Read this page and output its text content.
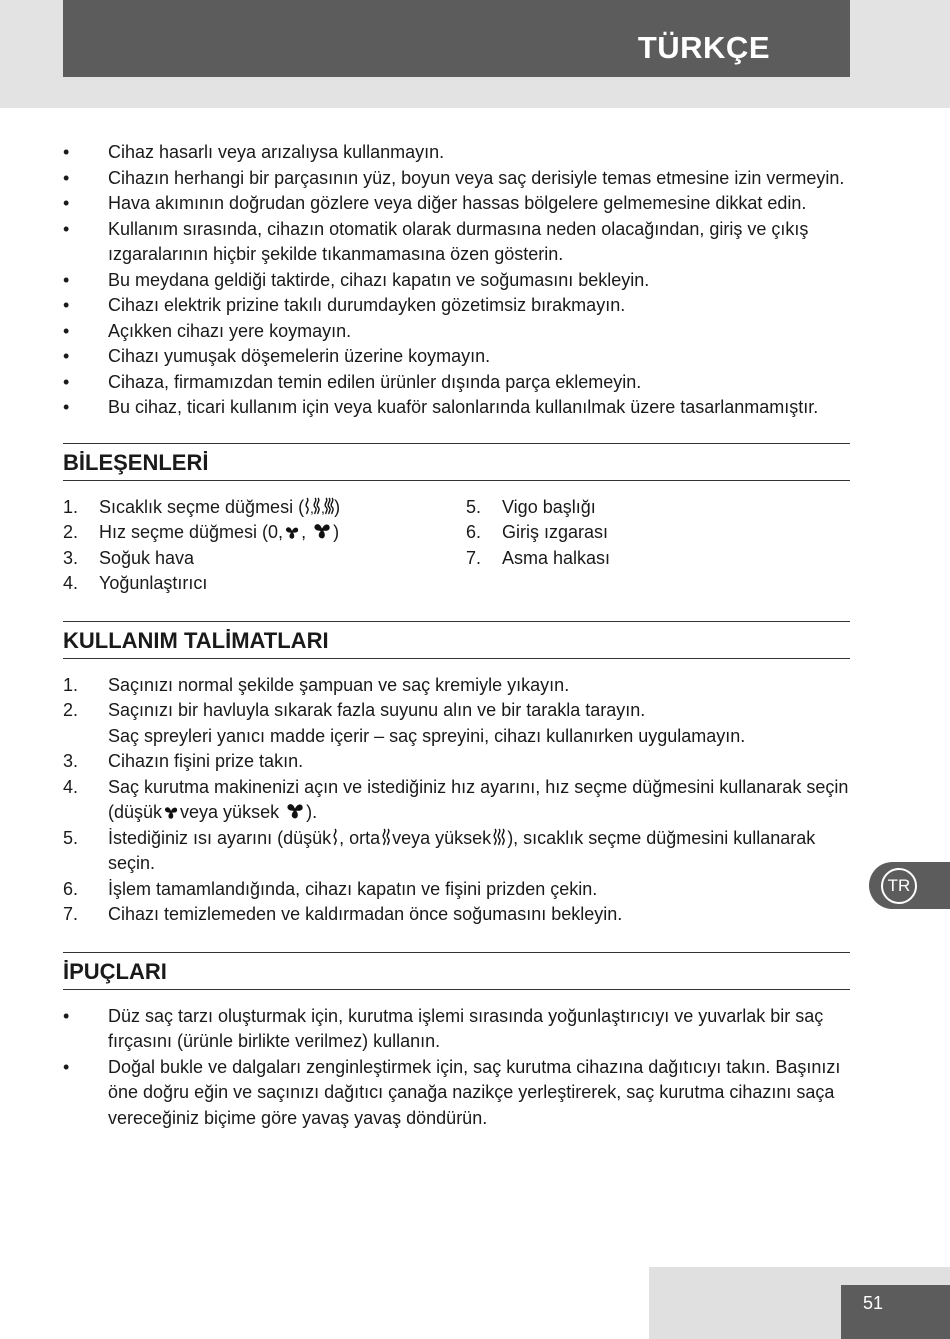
TÜRKÇE
• Cihaz hasarlı veya arızalıysa kullanmayın.
• Cihazın herhangi bir parçasının yüz, boyun veya saç derisiyle temas etmesine izin vermeyin.
• Hava akımının doğrudan gözlere veya diğer hassas bölgelere gelmemesine dikkat edin.
• Kullanım sırasında, cihazın otomatik olarak durmasına neden olacağından, giriş ve çıkış ızgaralarının hiçbir şekilde tıkanmamasına özen gösterin.
• Bu meydana geldiği taktirde, cihazı kapatın ve soğumasını bekleyin.
• Cihazı elektrik prizine takılı durumdayken gözetimsiz bırakmayın.
• Açıkken cihazı yere koymayın.
• Cihazı yumuşak döşemelerin üzerine koymayın.
• Cihaza, firmamızdan temin edilen ürünler dışında parça eklemeyin.
• Bu cihaz, ticari kullanım için veya kuaför salonlarında kullanılmak üzere tasarlanmamıştır.
BİLEŞENLERİ
1. Sıcaklık seçme düğmesi ( , , )
2. Hız seçme düğmesi (0, , )
3. Soğuk hava
4. Yoğunlaştırıcı
5. Vigo başlığı
6. Giriş ızgarası
7. Asma halkası
KULLANIM TALİMATLARI
1. Saçınızı normal şekilde şampuan ve saç kremiyle yıkayın.
2. Saçınızı bir havluyla sıkarak fazla suyunu alın ve bir tarakla tarayın.
Saç spreyleri yanıcı madde içerir – saç spreyini, cihazı kullanırken uygulamayın.
3. Cihazın fişini prize takın.
4. Saç kurutma makinenizi açın ve istediğiniz hız ayarını, hız seçme düğmesini kullanarak seçin (düşük veya yüksek ).
5. İstediğiniz ısı ayarını (düşük , orta veya yüksek ), sıcaklık seçme düğmesini kullanarak seçin.
6. İşlem tamamlandığında, cihazı kapatın ve fişini prizden çekin.
7. Cihazı temizlemeden ve kaldırmadan önce soğumasını bekleyin.
İPUÇLARI
• Düz saç tarzı oluşturmak için, kurutma işlemi sırasında yoğunlaştırıcıyı ve yuvarlak bir saç fırçasını (ürünle birlikte verilmez) kullanın.
• Doğal bukle ve dalgaları zenginleştirmek için, saç kurutma cihazına dağıtıcıyı takın. Başınızı öne doğru eğin ve saçınızı dağıtıcı çanağa nazikçe yerleştirerek, saç kurutma cihazını saça vereceğiniz biçime göre yavaş yavaş döndürün.
TR
51
